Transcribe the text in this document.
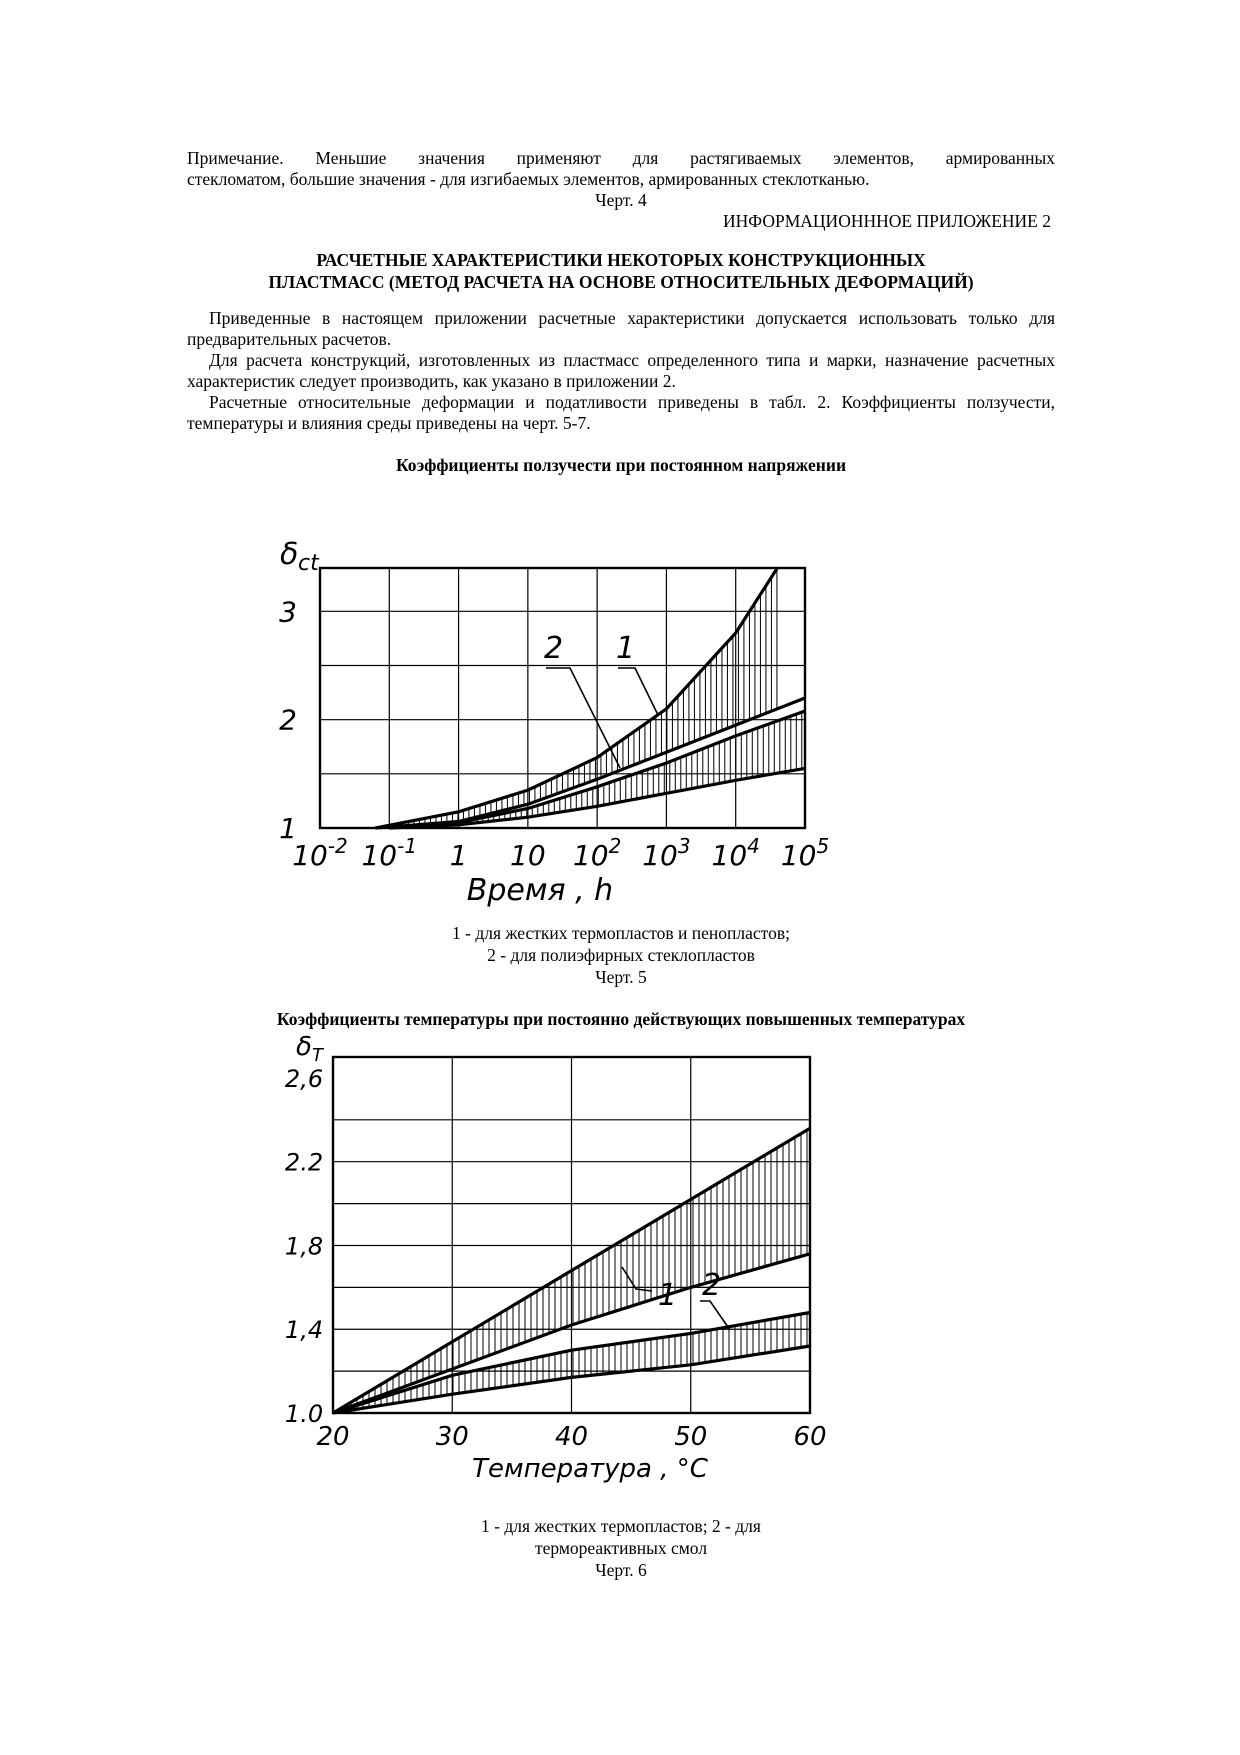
Примечание. Меньшие значения применяют для растягиваемых элементов, армированных

стекломатом, большие значения - для изгибаемых элементов, армированных стеклотканью.

Черт. 4

ИНФОРМАЦИОНННОЕ ПРИЛОЖЕНИЕ 2

РАСЧЕТНЫЕ ХАРАКТЕРИСТИКИ НЕКОТОРЫХ КОНСТРУКЦИОННЫХ

ПЛАСТМАСС (МЕТОД РАСЧЕТА НА ОСНОВЕ ОТНОСИТЕЛЬНЫХ ДЕФОРМАЦИЙ)

Приведенные в настоящем приложении расчетные характеристики допускается использовать только для предварительных расчетов.

Для расчета конструкций, изготовленных из пластмасс определенного типа и марки, назначение расчетных характеристик следует производить, как указано в приложении 2.

Расчетные относительные деформации и податливости приведены в табл. 2. Коэффициенты ползучести, температуры и влияния среды приведены на черт. 5-7.

Коэффициенты ползучести при постоянном напряжении

1
2
δ ct
1
2
3
$10^{-2}$ $10^{-1}$ 1 10 $10^2$ $10^3$ $10^4$ $10^5$
Время , h

1 - для жестких термопластов и пенопластов;

2 - для полиэфирных стеклопластов

Черт. 5

Коэффициенты температуры при постоянно действующих повышенных температурах

1 2
δ T
1.0
1,4
1,8
2.2
2,6
20	30	40	50	60
Температура , °C

1 - для жестких термопластов; 2 - для

термореактивных смол

Черт. 6
